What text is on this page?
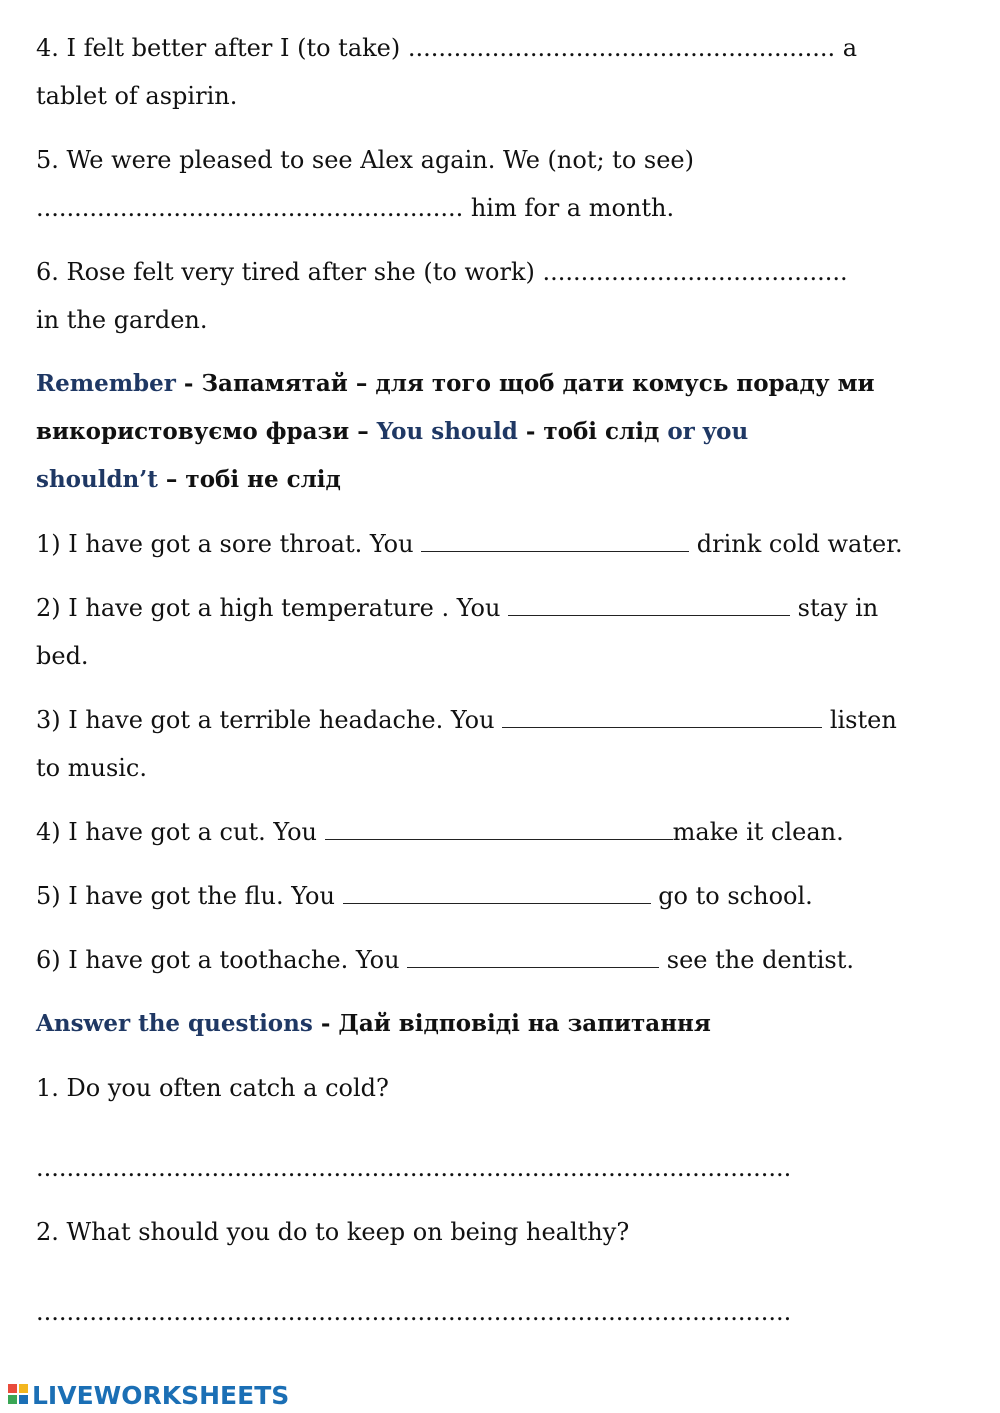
4. I felt better after I (to take) ........................................................ a
tablet of aspirin.
5. We were pleased to see Alex again. We (not; to see)
........................................................ him for a month.
6. Rose felt very tired after she (to work) ........................................
in the garden.
Remember - Запамятай – для того щоб дати комусь пораду ми
використовуємо фрази – You should - тобі слід or you
shouldn’t – тобі не слід
1) I have got a sore throat. You	drink cold water.
2) I have got a high temperature . You	stay in
bed.
3) I have got a terrible headache. You	listen
to music.
4) I have got a cut. You	make it clean.
5) I have got the flu. You	go to school.
6) I have got a toothache. You	see the dentist.
Answer the questions - Дай відповіді на запитання
1. Do you often catch a cold?
...................................................................................................
2. What should you do to keep on being healthy?
...................................................................................................
LIVEWORKSHEETS
